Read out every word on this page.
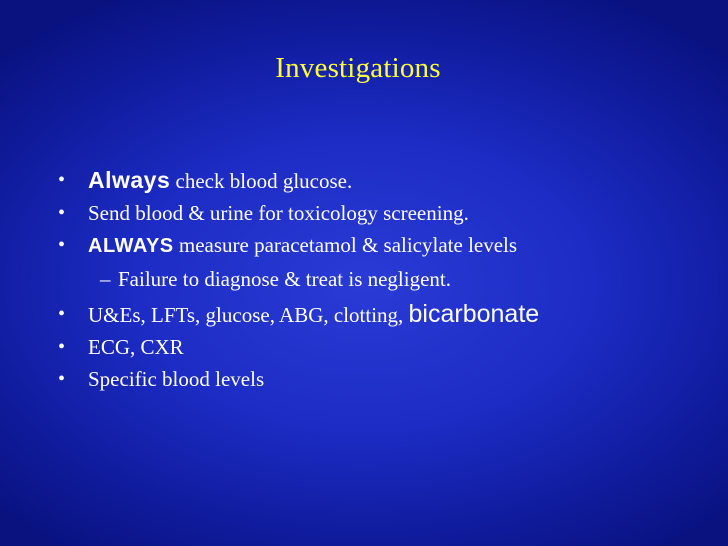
Investigations
• Always check blood glucose.
• Send blood & urine for toxicology screening.
• ALWAYS measure paracetamol & salicylate levels
– Failure to diagnose & treat is negligent.
• U&Es, LFTs, glucose, ABG, clotting, bicarbonate
• ECG, CXR
• Specific blood levels
